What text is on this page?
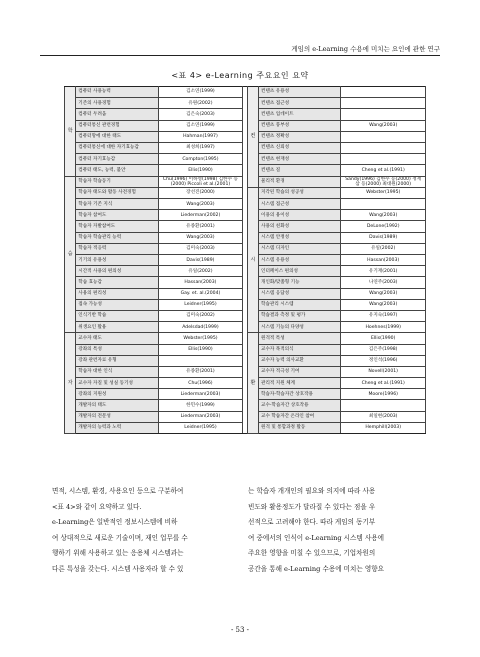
게임의 e-Learning 수용에 미치는 요인에 관한 연구
<표 4> e-Learning 주요요인 요약
학	컴퓨터 사용능력	김소연(1999)		컨	컨텐츠 유용성	
	기존의 사용경험	유원(2002)			컨텐츠 접근성	
	컴퓨터 두려움	김은숙(2003)			컨텐츠 업데이트	
	컴퓨터통신 관련경험	김소연(1999)			컨텐츠 풍부성	Wang(2003)
	컴퓨터망에 대한 태도	Hahman(1997)			컨텐츠 정확성	
	컴퓨터통신에 대한 자기효능감	최성희(1997)			컨텐츠 신뢰성	
	컴퓨터 자기효능감	Compton(1995)			컨텐츠 현재성	
	컴퓨터 태도, 능력, 불안	Ellis(1990)			컨텐츠 질	Cheng et al.(1991)
습	학습자 학습동기	Chu(1996) 이하영(1998) 김한수 등(2000) Piccoli et al.(2001)			물리적 환경	Sandy(1996) 김한수 등(2000) 정재삼 등(2000) 최대원(2000)
	학습자 태도와 활동 사전경험	장선진(2000)		시	지각된 학습의 성공성	Webster(1995)
	학습자 기존 지식	Wang(2003)			시스템 접근성	
	학습자 참여도	Liederman(2002)			이용의 용이성	Wang(2003)
	학습자 자발참여도	유종환(2001)			사용의 친화성	DeLone(1992)
	학습자 학습관리 능력	Wang(2003)			시스템 안정성	Davis(1989)
	학습자 적응력	김미숙(2003)			시스템 디자인	유일(2002)
	기기의 유용성	Davis(1989)			시스템 유용성	Hassan(2003)
	시간적 사용의 편의성	유일(2002)			인터페이스 편의성	유기재(2001)
	학습 효능감	Hassan(2003)			개인화/맞춤형 기능	나연주(2003)
	사용의 편리성	Gay. et. al.(2004)			시스템 응답성	Wang(2003)
	접속 가능성	Leidner(1995)			학습관리 시스템	Wang(2003)
	인식기반 학습	김미숙(2002)			학습결과 측정 및 평가	유지숙(1997)
	위생요인 활용	Adelsdad(1999)			시스템 기능의 다양성	Hoehnes(1999)
자	교수자 태도	Webster(1995)		환	원격적 특성	Ellis(1990)
	강좌의 특성	Ellis(1990)			교수자 목적의식	김은주(1998)
	강좌 관련자료 유형				교수자 능력 의사교환	정인석(1996)
	학습자 대한 인식	유종환(2001)			교수자 적극성 기여	Novell(2001)
	교수자 자질 및 성실 동기성	Chu(1996)			관리적 지원 체계	Cheng et al.(1991)
	강좌의 지원성	Liederman(2003)			학습자-학습자간 상호작용	Moore(1996)
	개발자의 태도	한민수(1999)			교수-학습자간 상호작용	
	개발자의 전문성	Liederman(2003)			교수 학습자간 온라인 참여	최일현(2003)
	개발자의 능력과 노력	Leidner(1995)			원격 및 통합과정 활동	Hemphill(2003)

면적, 시스템, 환경, 사용요인 등으로 구분하여

<표 4>와 같이 요약하고 있다.

e-Learning은 일반적인 정보시스템에 비하

여 상대적으로 새로운 기술이며, 재인 업무를 수

행하기 위해 사용하고 있는 응용체 시스템과는

다른 특성을 갖는다. 시스템 사용자라 할 수 있

는 학습자 개개인의 필요와 의지에 따라 사용

빈도와 활용정도가 달라질 수 있다는 점을 우

선적으로 고려해야 한다. 따라 게임의 동기부

여 중에서의 인식이 e-Learning 시스템 사용에

주요한 영향을 미칠 수 있으므로, 기업차원의

공간을 통해 e-Learning 수용에 미치는 영향요

- 53 -
